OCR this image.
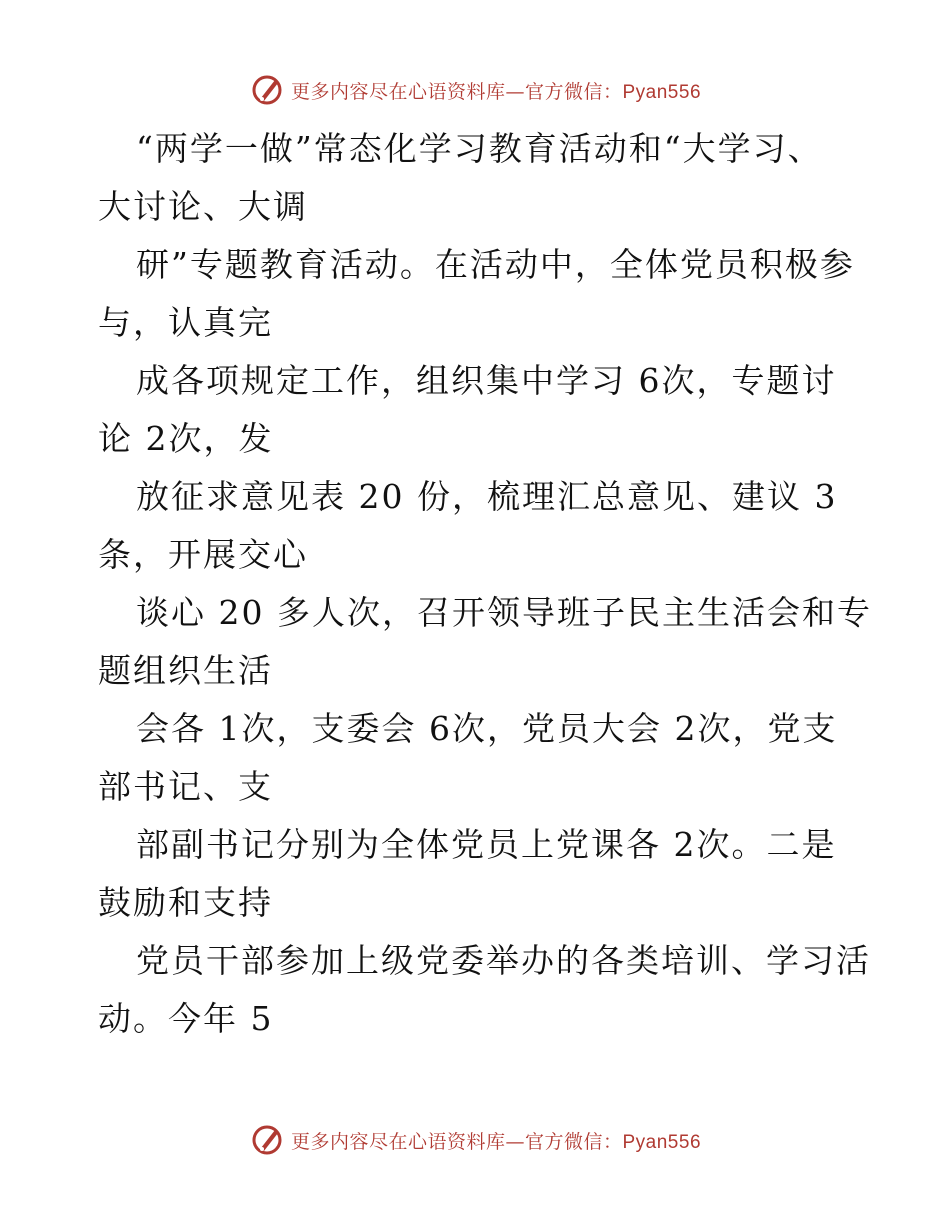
更多内容尽在心语资料库—官方微信：Pyan556
“两学一做”常态化学习教育活动和“大学习、
大讨论、大调
研”专题教育活动。在活动中，全体党员积极参
与，认真完
成各项规定工作，组织集中学习 6次，专题讨
论 2次，发
放征求意见表 20 份，梳理汇总意见、建议 3
条，开展交心
谈心 20 多人次，召开领导班子民主生活会和专
题组织生活
会各 1次，支委会 6次，党员大会 2次，党支
部书记、支
部副书记分别为全体党员上党课各 2次。二是
鼓励和支持
党员干部参加上级党委举办的各类培训、学习活
动。今年 5
更多内容尽在心语资料库—官方微信：Pyan556
